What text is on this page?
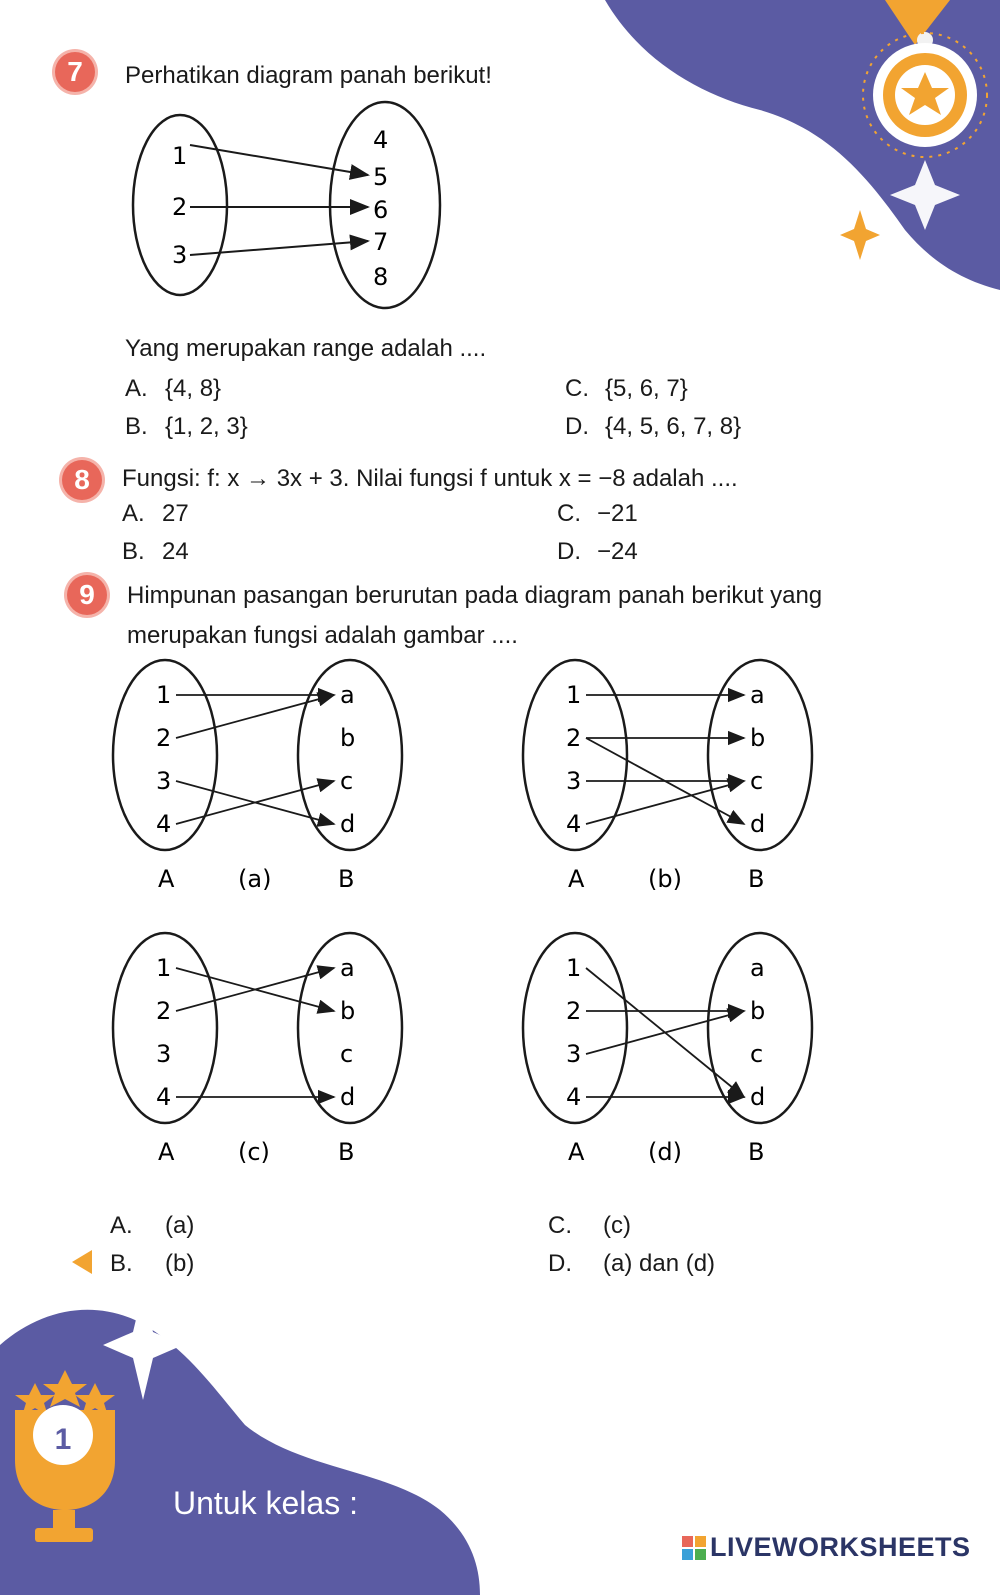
7	Perhatikan diagram panah berikut!
1
2
3
4
5
6
7
8
Yang merupakan range adalah ....
A. {4, 8}
B. {1, 2, 3}
C. {5, 6, 7}
D. {4, 5, 6, 7, 8}
8	Fungsi: f: x → 3x + 3. Nilai fungsi f untuk x = −8 adalah ....
A. 27
B. 24
C. −21
D. −24
9	Himpunan pasangan berurutan pada diagram panah berikut yang
merupakan fungsi adalah gambar ....
1
2
3
4
a
b
c
d
A	(a)	B
1
2
3
4
a
b
c
d
A	(b)	B
1
2
3
4
a
b
c
d
A	(c)	B
1
2
3
4
a
b
c
d
A	(d)	B
A. (a)
B. (b)
C. (c)
D. (a) dan (d)
1
Untuk kelas :
LIVEWORKSHEETS
